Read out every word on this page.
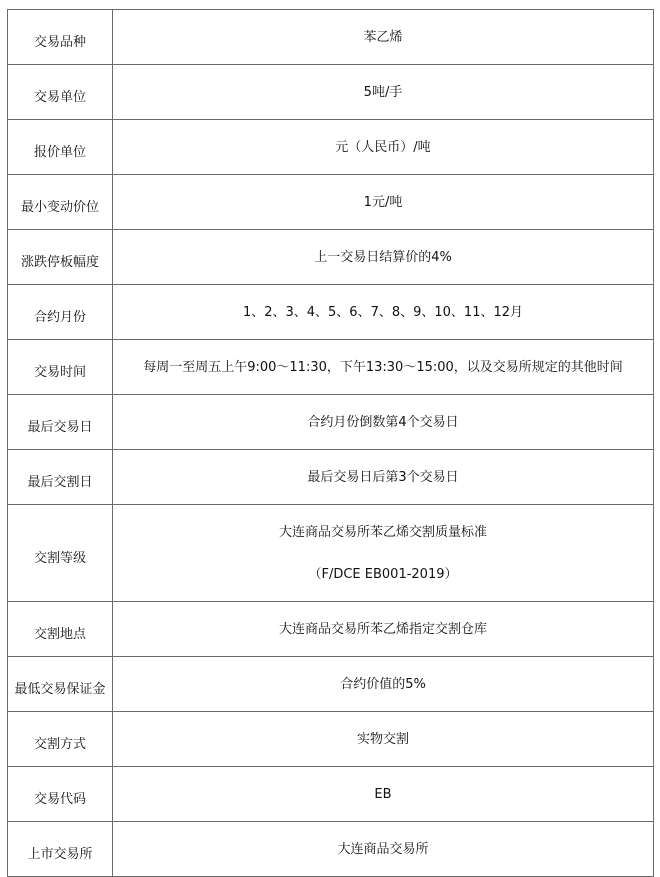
交易品种	苯乙烯
交易单位	5吨/手
报价单位	元（人民币）/吨
最小变动价位	1元/吨
涨跌停板幅度	上一交易日结算价的4%
合约月份	1、2、3、4、5、6、7、8、9、10、11、12月
交易时间	每周一至周五上午9:00～11:30，下午13:30～15:00，以及交易所规定的其他时间
最后交易日	合约月份倒数第4个交易日
最后交割日	最后交易日后第3个交易日
交割等级	大连商品交易所苯乙烯交割质量标准
（F/DCE EB001-2019）

交割地点	大连商品交易所苯乙烯指定交割仓库
最低交易保证金	合约价值的5%
交割方式	实物交割
交易代码	EB
上市交易所	大连商品交易所
